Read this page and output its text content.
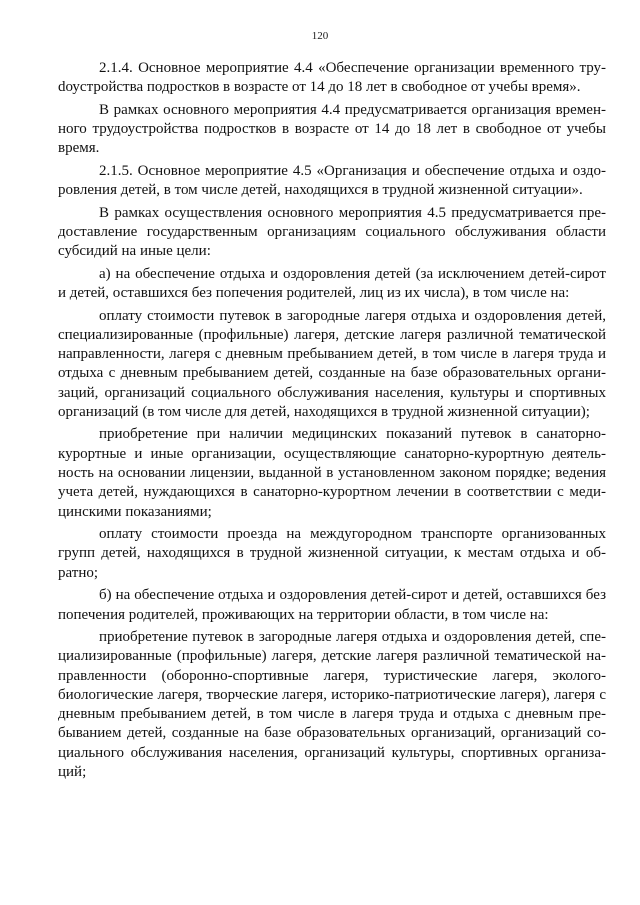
120

2.1.4. Основное мероприятие 4.4 «Обеспечение организации временного труdоустройства подростков в возрасте от 14 до 18 лет в свободное от учебы время».

В рамках основного мероприятия 4.4 предусматривается организация временного трудоустройства подростков в возрасте от 14 до 18 лет в свободное от учебы время.

2.1.5. Основное мероприятие 4.5 «Организация и обеспечение отдыха и оздоровления детей, в том числе детей, находящихся в трудной жизненной ситуации».

В рамках осуществления основного мероприятия 4.5 предусматривается предоставление государственным организациям социального обслуживания области субсидий на иные цели:

а) на обеспечение отдыха и оздоровления детей (за исключением детей-сирот и детей, оставшихся без попечения родителей, лиц из их числа), в том числе на:

оплату стоимости путевок в загородные лагеря отдыха и оздоровления детей, специализированные (профильные) лагеря, детские лагеря различной тематической направленности, лагеря с дневным пребыванием детей, в том числе в лагеря труда и отдыха с дневным пребыванием детей, созданные на базе образовательных организаций, организаций социального обслуживания населения, культуры и спортивных организаций (в том числе для детей, находящихся в трудной жизненной ситуации);

приобретение при наличии медицинских показаний путевок в санаторно-курортные и иные организации, осуществляющие санаторно-курортную деятельность на основании лицензии, выданной в установленном законом порядке; ведения учета детей, нуждающихся в санаторно-курортном лечении в соответствии с медицинскими показаниями;

оплату стоимости проезда на междугородном транспорте организованных групп детей, находящихся в трудной жизненной ситуации, к местам отдыха и обратно;

б) на обеспечение отдыха и оздоровления детей-сирот и детей, оставшихся без попечения родителей, проживающих на территории области, в том числе на:

приобретение путевок в загородные лагеря отдыха и оздоровления детей, специализированные (профильные) лагеря, детские лагеря различной тематической направленности (оборонно-спортивные лагеря, туристические лагеря, эколого-биологические лагеря, творческие лагеря, историко-патриотические лагеря), лагеря с дневным пребыванием детей, в том числе в лагеря труда и отдыха с дневным пребыванием детей, созданные на базе образовательных организаций, организаций социального обслуживания населения, организаций культуры, спортивных организаций;
